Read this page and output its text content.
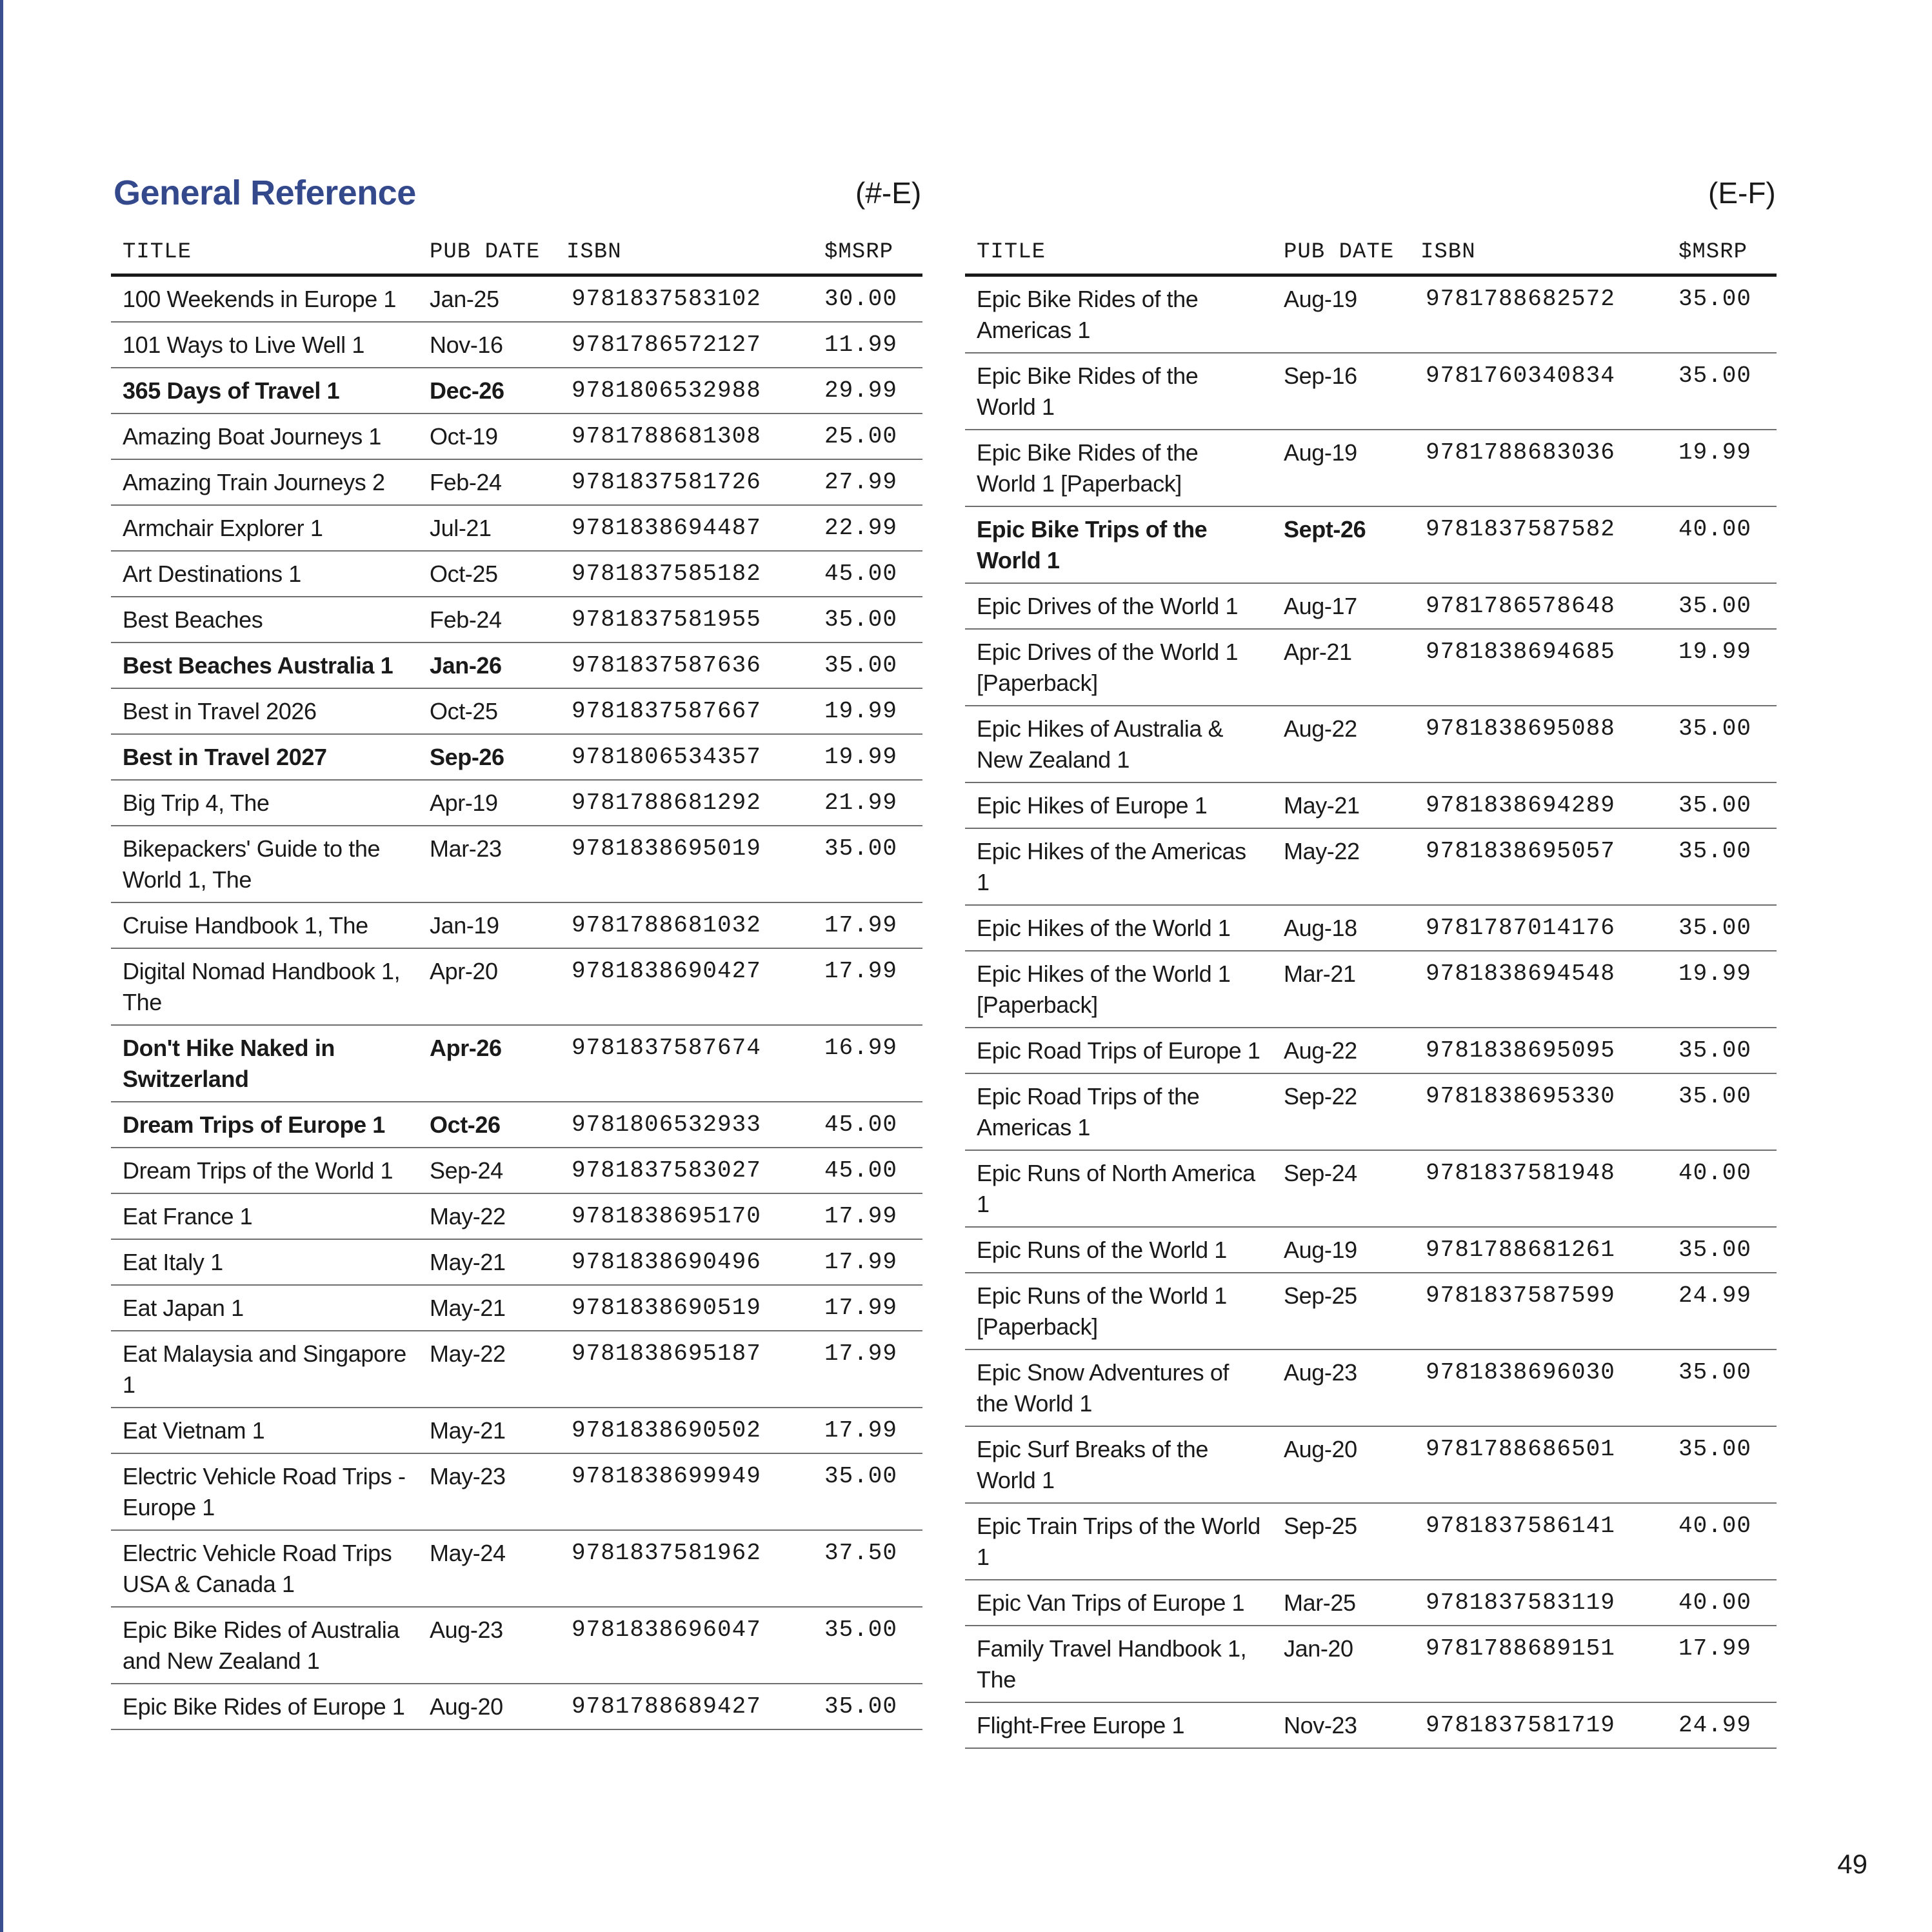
General Reference	(#-E)	(E-F)
TITLE	PUB DATE	ISBN	$MSRP
100 Weekends in Europe 1	Jan-25	9781837583102	30.00
101 Ways to Live Well 1	Nov-16	9781786572127	11.99
365 Days of Travel 1	Dec-26	9781806532988	29.99
Amazing Boat Journeys 1	Oct-19	9781788681308	25.00
Amazing Train Journeys 2	Feb-24	9781837581726	27.99
Armchair Explorer 1	Jul-21	9781838694487	22.99
Art Destinations 1	Oct-25	9781837585182	45.00
Best Beaches	Feb-24	9781837581955	35.00
Best Beaches Australia 1	Jan-26	9781837587636	35.00
Best in Travel 2026	Oct-25	9781837587667	19.99
Best in Travel 2027	Sep-26	9781806534357	19.99
Big Trip 4, The	Apr-19	9781788681292	21.99
Bikepackers' Guide to the World 1, The	Mar-23	9781838695019	35.00
Cruise Handbook 1, The	Jan-19	9781788681032	17.99
Digital Nomad Handbook 1, The	Apr-20	9781838690427	17.99
Don't Hike Naked in Switzerland	Apr-26	9781837587674	16.99
Dream Trips of Europe 1	Oct-26	9781806532933	45.00
Dream Trips of the World 1	Sep-24	9781837583027	45.00
Eat France 1	May-22	9781838695170	17.99
Eat Italy 1	May-21	9781838690496	17.99
Eat Japan 1	May-21	9781838690519	17.99
Eat Malaysia and Singapore 1	May-22	9781838695187	17.99
Eat Vietnam 1	May-21	9781838690502	17.99
Electric Vehicle Road Trips - Europe 1	May-23	9781838699949	35.00
Electric Vehicle Road Trips USA & Canada 1	May-24	9781837581962	37.50
Epic Bike Rides of Australia and New Zealand 1	Aug-23	9781838696047	35.00
Epic Bike Rides of Europe 1	Aug-20	9781788689427	35.00
TITLE	PUB DATE	ISBN	$MSRP
Epic Bike Rides of the Americas 1	Aug-19	9781788682572	35.00
Epic Bike Rides of the World 1	Sep-16	9781760340834	35.00
Epic Bike Rides of the World 1 [Paperback]	Aug-19	9781788683036	19.99
Epic Bike Trips of the World 1	Sept-26	9781837587582	40.00
Epic Drives of the World 1	Aug-17	9781786578648	35.00
Epic Drives of the World 1 [Paperback]	Apr-21	9781838694685	19.99
Epic Hikes of Australia & New Zealand 1	Aug-22	9781838695088	35.00
Epic Hikes of Europe 1	May-21	9781838694289	35.00
Epic Hikes of the Americas 1	May-22	9781838695057	35.00
Epic Hikes of the World 1	Aug-18	9781787014176	35.00
Epic Hikes of the World 1 [Paperback]	Mar-21	9781838694548	19.99
Epic Road Trips of Europe 1	Aug-22	9781838695095	35.00
Epic Road Trips of the Americas 1	Sep-22	9781838695330	35.00
Epic Runs of North America 1	Sep-24	9781837581948	40.00
Epic Runs of the World 1	Aug-19	9781788681261	35.00
Epic Runs of the World 1 [Paperback]	Sep-25	9781837587599	24.99
Epic Snow Adventures of the World 1	Aug-23	9781838696030	35.00
Epic Surf Breaks of the World 1	Aug-20	9781788686501	35.00
Epic Train Trips of the World 1	Sep-25	9781837586141	40.00
Epic Van Trips of Europe 1	Mar-25	9781837583119	40.00
Family Travel Handbook 1, The	Jan-20	9781788689151	17.99
Flight-Free Europe 1	Nov-23	9781837581719	24.99
49
